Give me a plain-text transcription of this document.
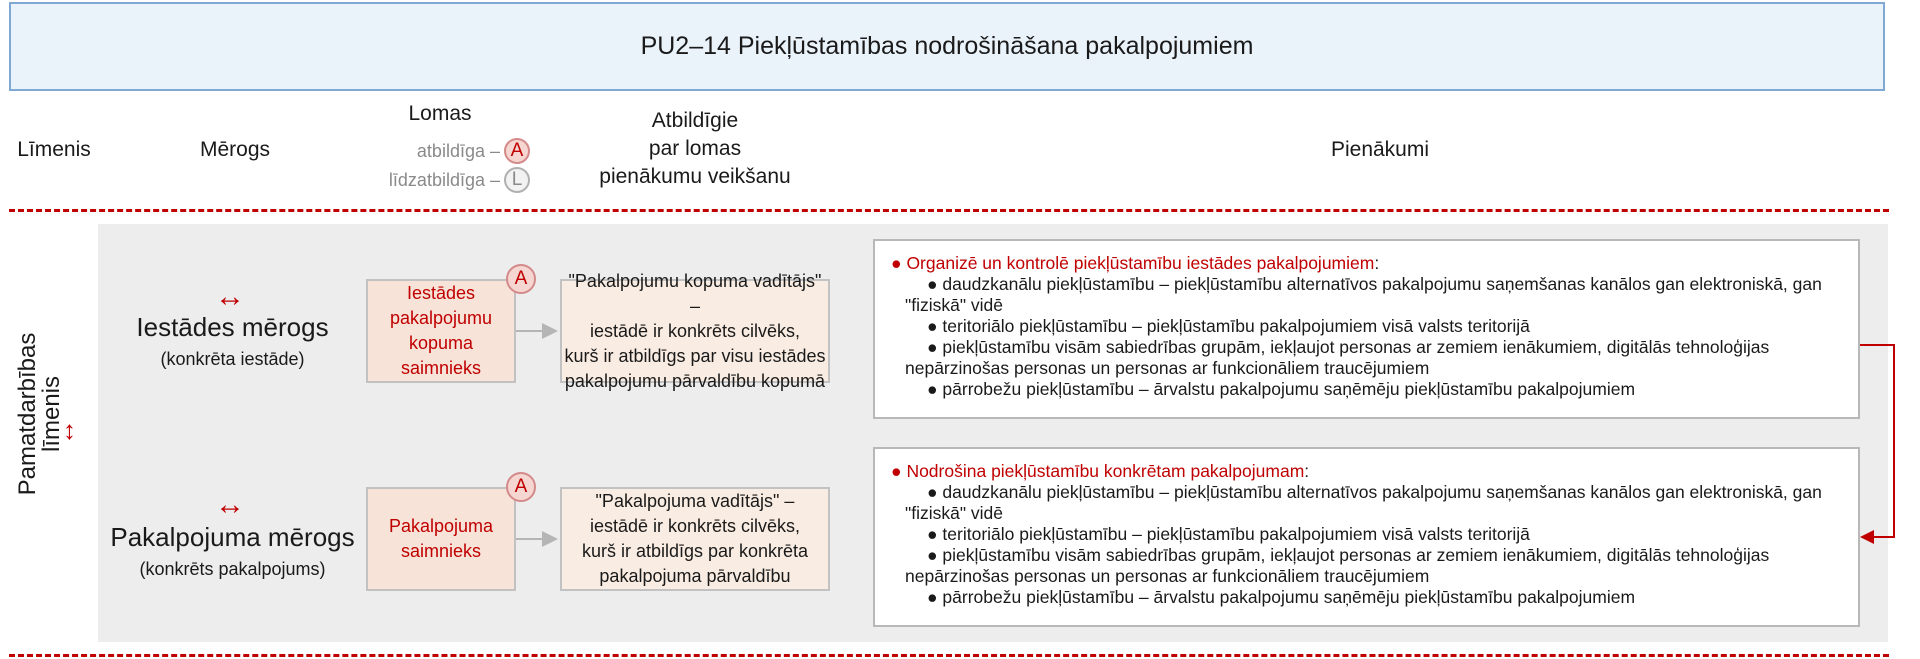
PU2–14 Piekļūstamības nodrošināšana pakalpojumiem
Līmenis	Mērogs
Lomas
atbildīga – A
līdzatbildīga – L
Atbildīgie
par lomas
pienākumu veikšanu
Pienākumi
Pamatdarbības
līmenis
↔
↔
Iestādes mērogs
(konkrēta iestāde)
Iestādes
pakalpojumu
kopuma
saimnieks
A	"Pakalpojumu kopuma vadītājs" –
iestādē ir konkrēts cilvēks,
kurš ir atbildīgs par visu iestādes
pakalpojumu pārvaldību kopumā
● Organizē un kontrolē piekļūstamību iestādes pakalpojumiem:
● daudzkanālu piekļūstamību – piekļūstamību alternatīvos pakalpojumu saņemšanas kanālos gan elektroniskā, gan
"fiziskā" vidē
● teritoriālo piekļūstamību – piekļūstamību pakalpojumiem visā valsts teritorijā
● piekļūstamību visām sabiedrības grupām, iekļaujot personas ar zemiem ienākumiem, digitālās tehnoloģijas
nepārzinošas personas un personas ar funkcionāliem traucējumiem
● pārrobežu piekļūstamību – ārvalstu pakalpojumu saņēmēju piekļūstamību pakalpojumiem
↔
Pakalpojuma mērogs
(konkrēts pakalpojums)
Pakalpojuma
saimnieks
A
"Pakalpojuma vadītājs" –
iestādē ir konkrēts cilvēks,
kurš ir atbildīgs par konkrēta
pakalpojuma pārvaldību
● Nodrošina piekļūstamību konkrētam pakalpojumam:
● daudzkanālu piekļūstamību – piekļūstamību alternatīvos pakalpojumu saņemšanas kanālos gan elektroniskā, gan
"fiziskā" vidē
● teritoriālo piekļūstamību – piekļūstamību pakalpojumiem visā valsts teritorijā
● piekļūstamību visām sabiedrības grupām, iekļaujot personas ar zemiem ienākumiem, digitālās tehnoloģijas
nepārzinošas personas un personas ar funkcionāliem traucējumiem
● pārrobežu piekļūstamību – ārvalstu pakalpojumu saņēmēju piekļūstamību pakalpojumiem
